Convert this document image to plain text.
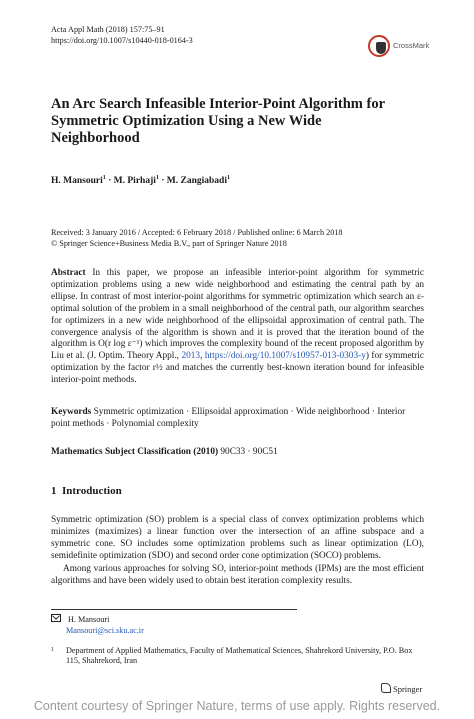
Acta Appl Math (2018) 157:75–91
https://doi.org/10.1007/s10440-018-0164-3
CrossMark
An Arc Search Infeasible Interior-Point Algorithm for Symmetric Optimization Using a New Wide Neighborhood
H. Mansouri$^1$ · M. Pirhaji$^1$ · M. Zangiabadi$^1$
Received: 3 January 2016 / Accepted: 6 February 2018 / Published online: 6 March 2018
© Springer Science+Business Media B.V., part of Springer Nature 2018
Abstract In this paper, we propose an infeasible interior-point algorithm for symmetric optimization problems using a new wide neighborhood and estimating the central path by an ellipse. In contrast of most interior-point algorithms for symmetric optimization which search an ε-optimal solution of the problem in a small neighborhood of the central path, our algorithm searches for optimizers in a new wide neighborhood of the ellipsoidal approximation of central path. The convergence analysis of the algorithm is shown and it is proved that the iteration bound of the algorithm is O(r log ε⁻¹) which improves the complexity bound of the recent proposed algorithm by Liu et al. (J. Optim. Theory Appl., 2013, https://doi.org/10.1007/s10957-013-0303-y) for symmetric optimization by the factor r½ and matches the currently best-known iteration bound for infeasible interior-point methods.
Keywords Symmetric optimization · Ellipsoidal approximation · Wide neighborhood · Interior point methods · Polynomial complexity
Mathematics Subject Classification (2010) 90C33 · 90C51
1 Introduction

Symmetric optimization (SO) problem is a special class of convex optimization problems which minimizes (maximizes) a linear function over the intersection of an affine subspace and a symmetric cone. SO includes some optimization problems such as linear optimization (LO), semidefinite optimization (SDO) and second order cone optimization (SOCO) problems.

Among various approaches for solving SO, interior-point methods (IPMs) are the most efficient algorithms and have been widely used to obtain best iteration complexity results.

H. Mansouri
Mansouri@sci.sku.ac.ir
1 Department of Applied Mathematics, Faculty of Mathematical Sciences, Shahrekord University, P.O. Box 115, Shahrekord, Iran
Springer
Content courtesy of Springer Nature, terms of use apply. Rights reserved.
